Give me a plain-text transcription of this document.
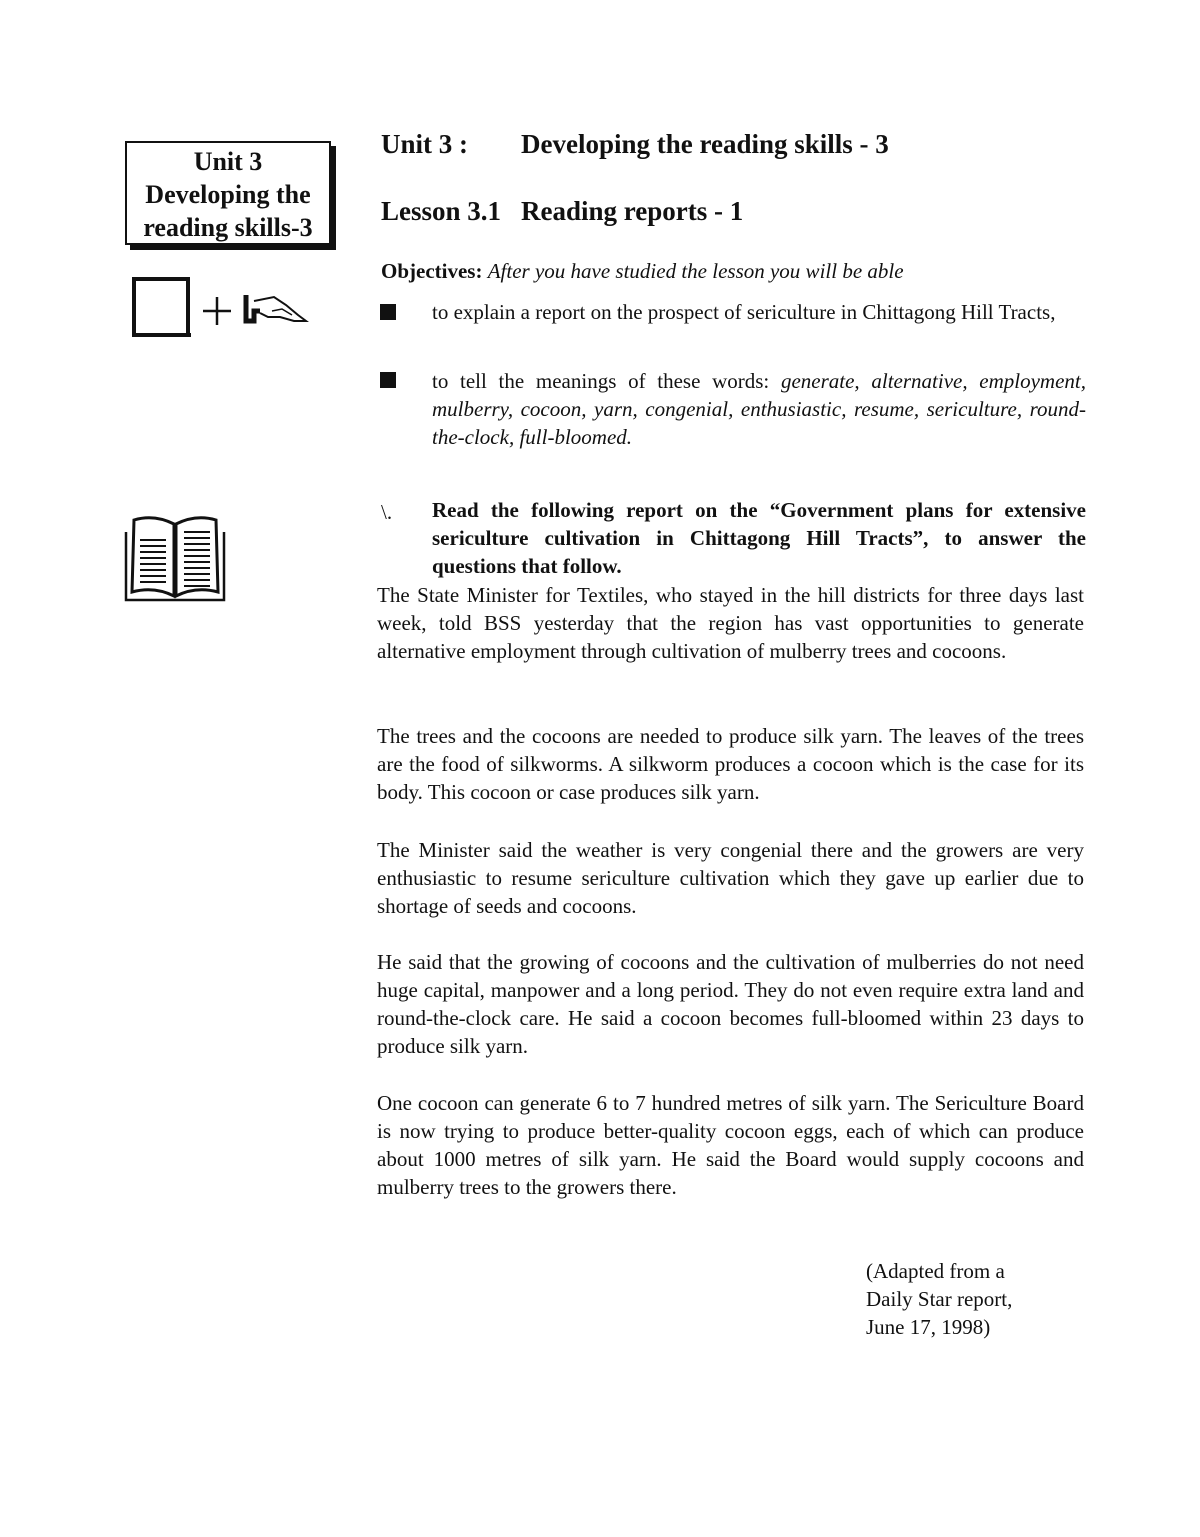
Unit 3
Developing the
reading skills-3
Unit 3 : Developing the reading skills - 3
Lesson 3.1 Reading reports - 1
Objectives: After you have studied the lesson you will be able
to explain a report on the prospect of sericulture in Chittagong Hill Tracts,
to tell the meanings of these words: generate, alternative, employment, mulberry, cocoon, yarn, congenial, enthusiastic, resume, sericulture, round-the-clock, full-bloomed.
\. Read the following report on the “Government plans for extensive sericulture cultivation in Chittagong Hill Tracts”, to answer the questions that follow.
The State Minister for Textiles, who stayed in the hill districts for three days last week, told BSS yesterday that the region has vast opportunities to generate alternative employment through cultivation of mulberry trees and cocoons.
The trees and the cocoons are needed to produce silk yarn. The leaves of the trees are the food of silkworms. A silkworm produces a cocoon which is the case for its body. This cocoon or case produces silk yarn.
The Minister said the weather is very congenial there and the growers are very enthusiastic to resume sericulture cultivation which they gave up earlier due to shortage of seeds and cocoons.
He said that the growing of cocoons and the cultivation of mulberries do not need huge capital, manpower and a long period. They do not even require extra land and round-the-clock care. He said a cocoon becomes full-bloomed within 23 days to produce silk yarn.
One cocoon can generate 6 to 7 hundred metres of silk yarn. The Sericulture Board is now trying to produce better-quality cocoon eggs, each of which can produce about 1000 metres of silk yarn. He said the Board would supply cocoons and mulberry trees to the growers there.
(Adapted from a
Daily Star report,
June 17, 1998)
